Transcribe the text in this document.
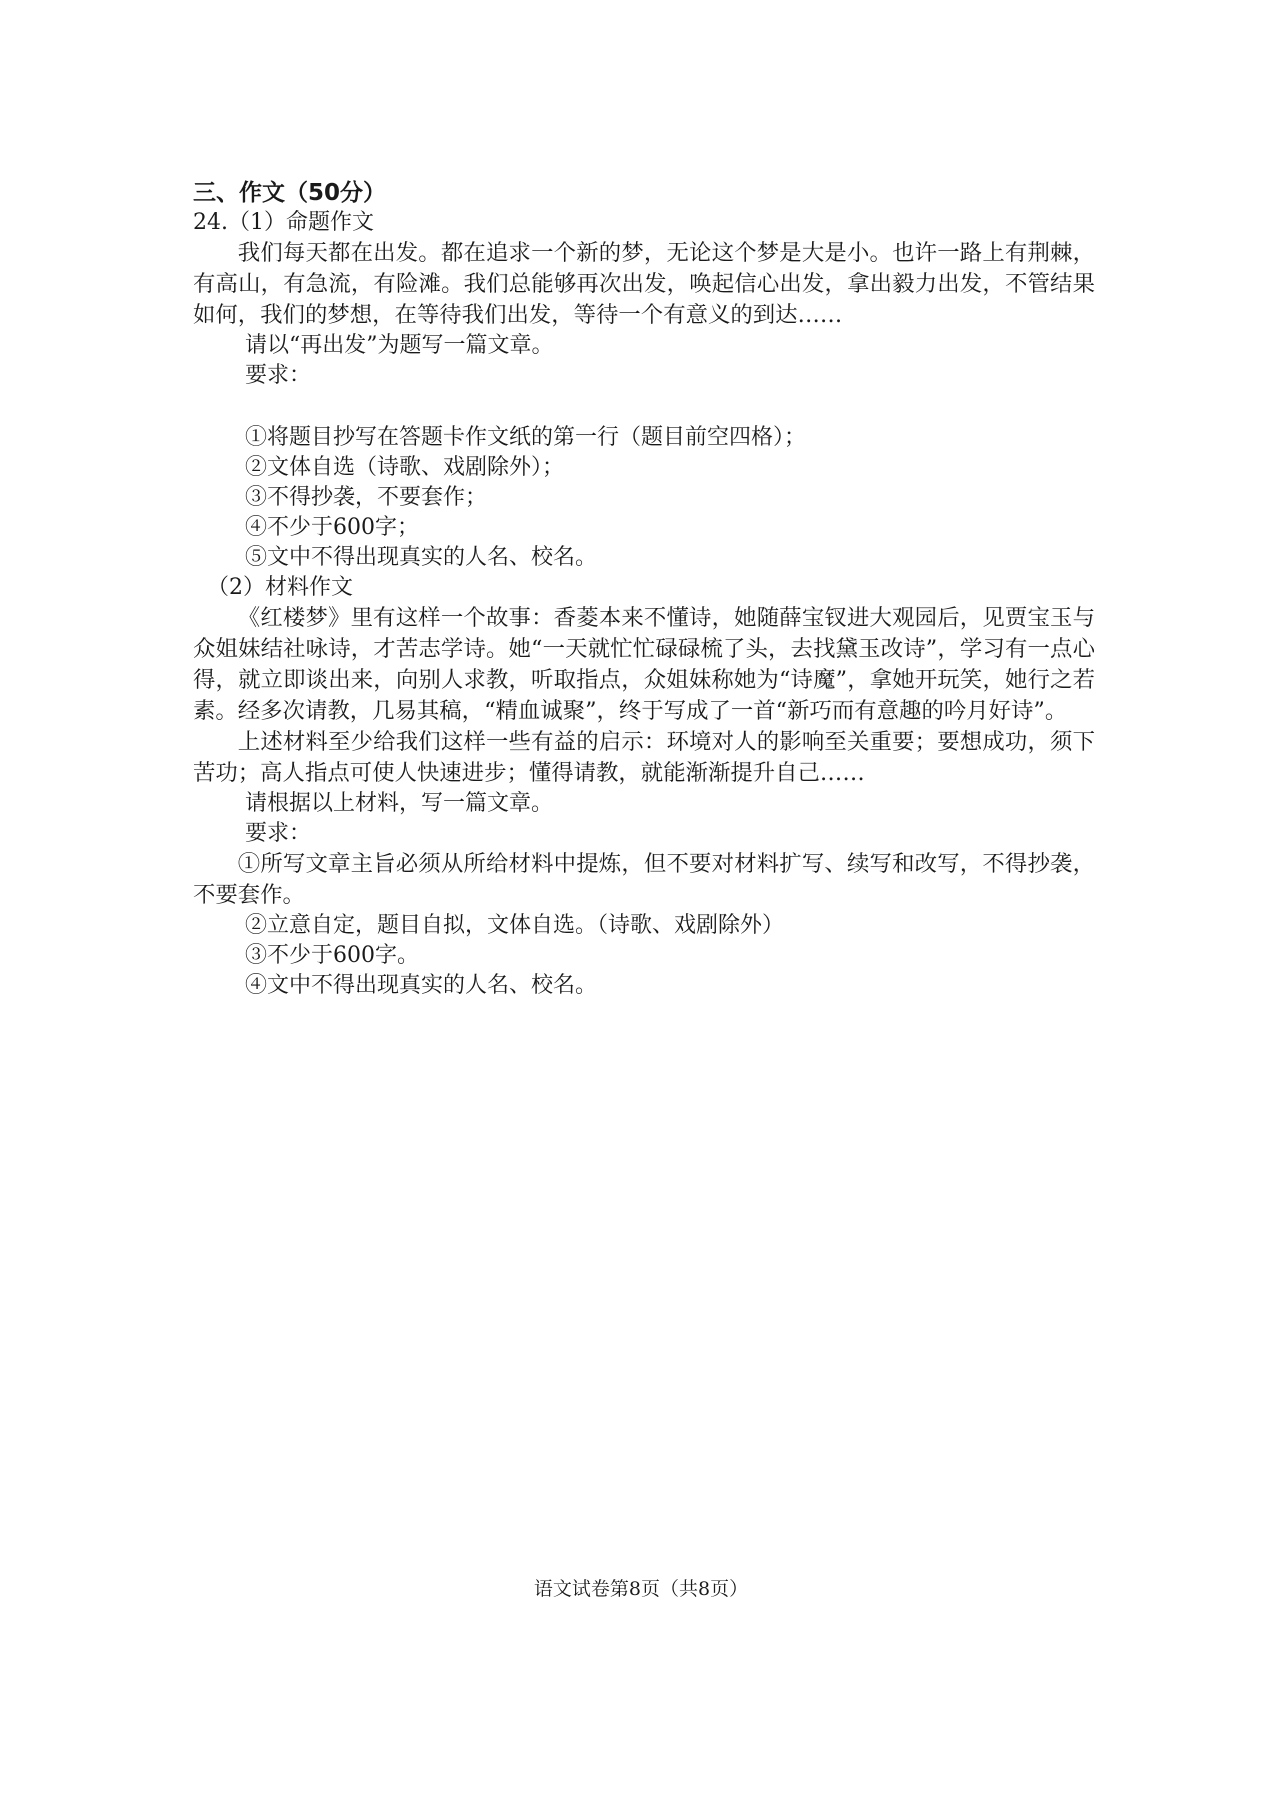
三、作文（50分）

24.（1）命题作文

我们每天都在出发。都在追求一个新的梦，无论这个梦是大是小。也许一路上有荆棘，有高山，有急流，有险滩。我们总能够再次出发，唤起信心出发，拿出毅力出发，不管结果如何，我们的梦想，在等待我们出发，等待一个有意义的到达……

请以“再出发”为题写一篇文章。

要求：

①将题目抄写在答题卡作文纸的第一行（题目前空四格）；

②文体自选（诗歌、戏剧除外）；

③不得抄袭，不要套作；

④不少于600字；

⑤文中不得出现真实的人名、校名。

（2）材料作文

《红楼梦》里有这样一个故事：香菱本来不懂诗，她随薛宝钗进大观园后，见贾宝玉与众姐妹结社咏诗，才苦志学诗。她“一天就忙忙碌碌梳了头，去找黛玉改诗”，学习有一点心得，就立即谈出来，向别人求教，听取指点，众姐妹称她为“诗魔”，拿她开玩笑，她行之若素。经多次请教，几易其稿，“精血诚聚”，终于写成了一首“新巧而有意趣的吟月好诗”。

上述材料至少给我们这样一些有益的启示：环境对人的影响至关重要；要想成功，须下苦功；高人指点可使人快速进步；懂得请教，就能渐渐提升自己……

请根据以上材料，写一篇文章。

要求：

①所写文章主旨必须从所给材料中提炼，但不要对材料扩写、续写和改写，不得抄袭，不要套作。

②立意自定，题目自拟，文体自选。（诗歌、戏剧除外）

③不少于600字。

④文中不得出现真实的人名、校名。

语文试卷第8页（共8页）
